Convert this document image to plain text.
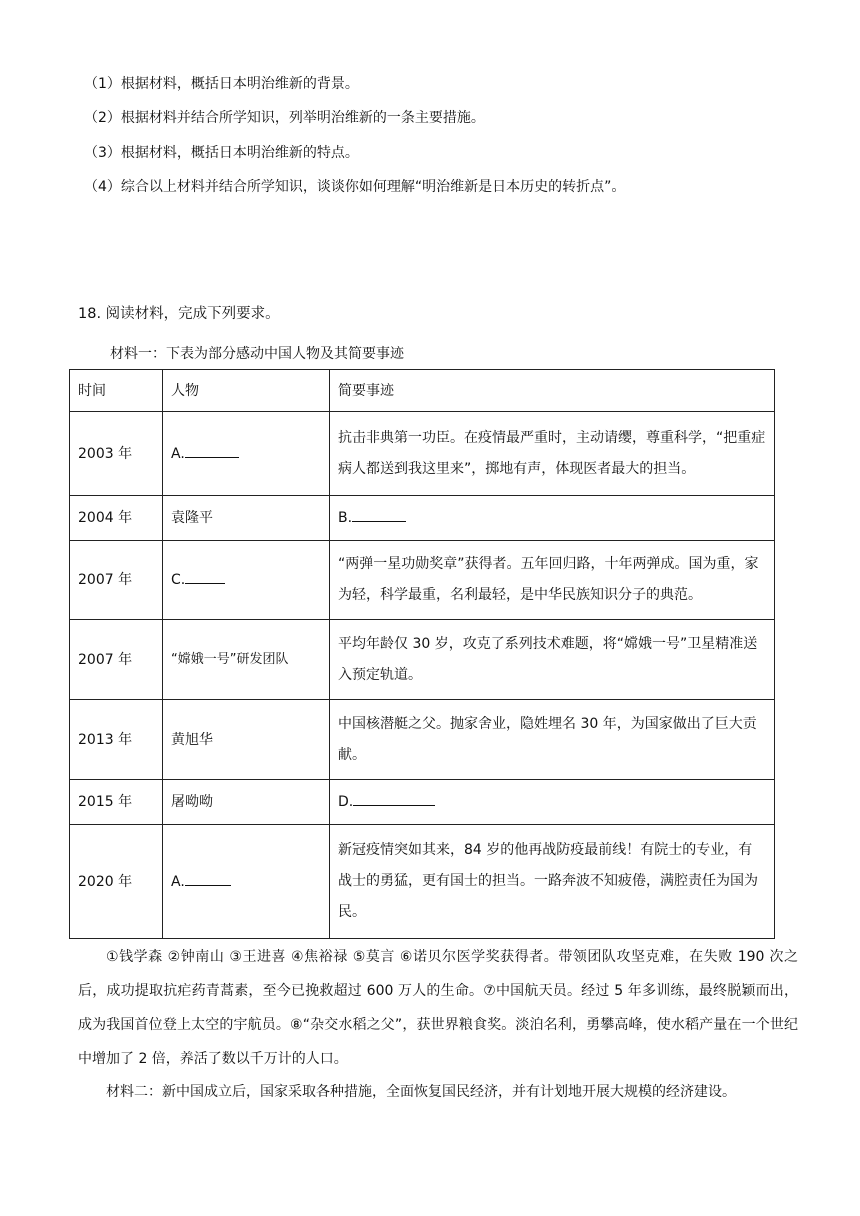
（1）根据材料，概括日本明治维新的背景。
（2）根据材料并结合所学知识，列举明治维新的一条主要措施。
（3）根据材料，概括日本明治维新的特点。
（4）综合以上材料并结合所学知识，谈谈你如何理解“明治维新是日本历史的转折点”。
18. 阅读材料，完成下列要求。
材料一：下表为部分感动中国人物及其简要事迹
时间	人物	简要事迹
2003 年	A.	抗击非典第一功臣。在疫情最严重时，主动请缨，尊重科学，“把重症病人都送到我这里来”，掷地有声，体现医者最大的担当。
2004 年	袁隆平	B.
2007 年	C.	“两弹一星功勋奖章”获得者。五年回归路，十年两弹成。国为重，家为轻，科学最重，名利最轻，是中华民族知识分子的典范。
2007 年	“嫦娥一号”研发团队	平均年龄仅 30 岁，攻克了系列技术难题，将“嫦娥一号”卫星精准送入预定轨道。
2013 年	黄旭华	中国核潜艇之父。抛家舍业，隐姓埋名 30 年，为国家做出了巨大贡献。
2015 年	屠呦呦	D.
2020 年	A.	新冠疫情突如其来，84 岁的他再战防疫最前线！有院士的专业，有战士的勇猛，更有国士的担当。一路奔波不知疲倦，满腔责任为国为民。
①钱学森 ②钟南山 ③王进喜 ④焦裕禄 ⑤莫言 ⑥诺贝尔医学奖获得者。带领团队攻坚克难，在失败 190 次之后，成功提取抗疟药青蒿素，至今已挽救超过 600 万人的生命。⑦中国航天员。经过 5 年多训练，最终脱颖而出，成为我国首位登上太空的宇航员。⑧“杂交水稻之父”，获世界粮食奖。淡泊名利，勇攀高峰，使水稻产量在一个世纪中增加了 2 倍，养活了数以千万计的人口。
材料二：新中国成立后，国家采取各种措施，全面恢复国民经济，并有计划地开展大规模的经济建设。
